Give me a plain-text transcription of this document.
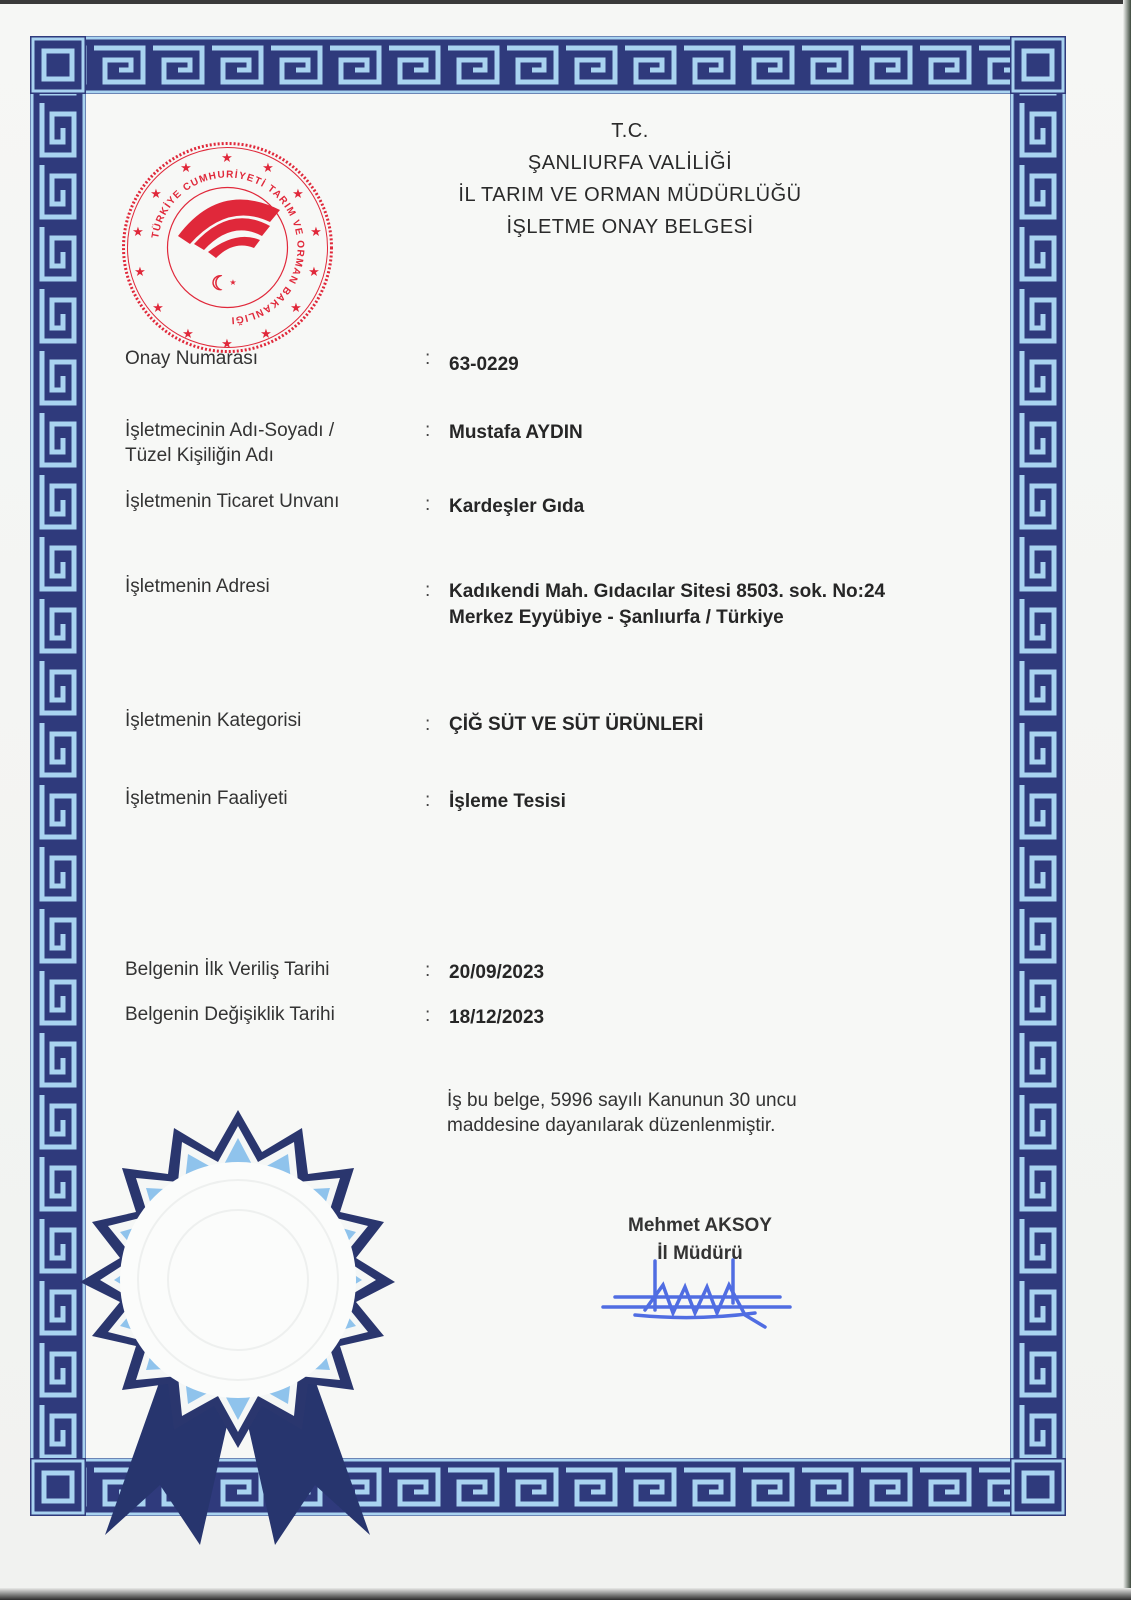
TÜRKİYE CUMHURİYETİ TARIM VE ORMAN BAKANLIĞI
★
★
★
★
★
★
★
★
★
★
★
★
★
★
☾ ★
T.C.
ŞANLIURFA VALİLİĞİ
İL TARIM VE ORMAN MÜDÜRLÜĞÜ
İŞLETME ONAY BELGESİ
Onay Numarası	: 63-0229
İşletmecinin Adı-Soyadı /
Tüzel Kişiliğin Adı
: Mustafa AYDIN
İşletmenin Ticaret Unvanı	: Kardeşler Gıda
İşletmenin Adresi	: Kadıkendi Mah. Gıdacılar Sitesi 8503. sok. No:24
Merkez Eyyübiye - Şanlıurfa / Türkiye
İşletmenin Kategorisi	: ÇİĞ SÜT VE SÜT ÜRÜNLERİ
İşletmenin Faaliyeti	: İşleme Tesisi
Belgenin İlk Veriliş Tarihi	: 20/09/2023
Belgenin Değişiklik Tarihi	: 18/12/2023
İş bu belge, 5996 sayılı Kanunun 30 uncu
maddesine dayanılarak düzenlenmiştir.
Mehmet AKSOY
İl Müdürü
